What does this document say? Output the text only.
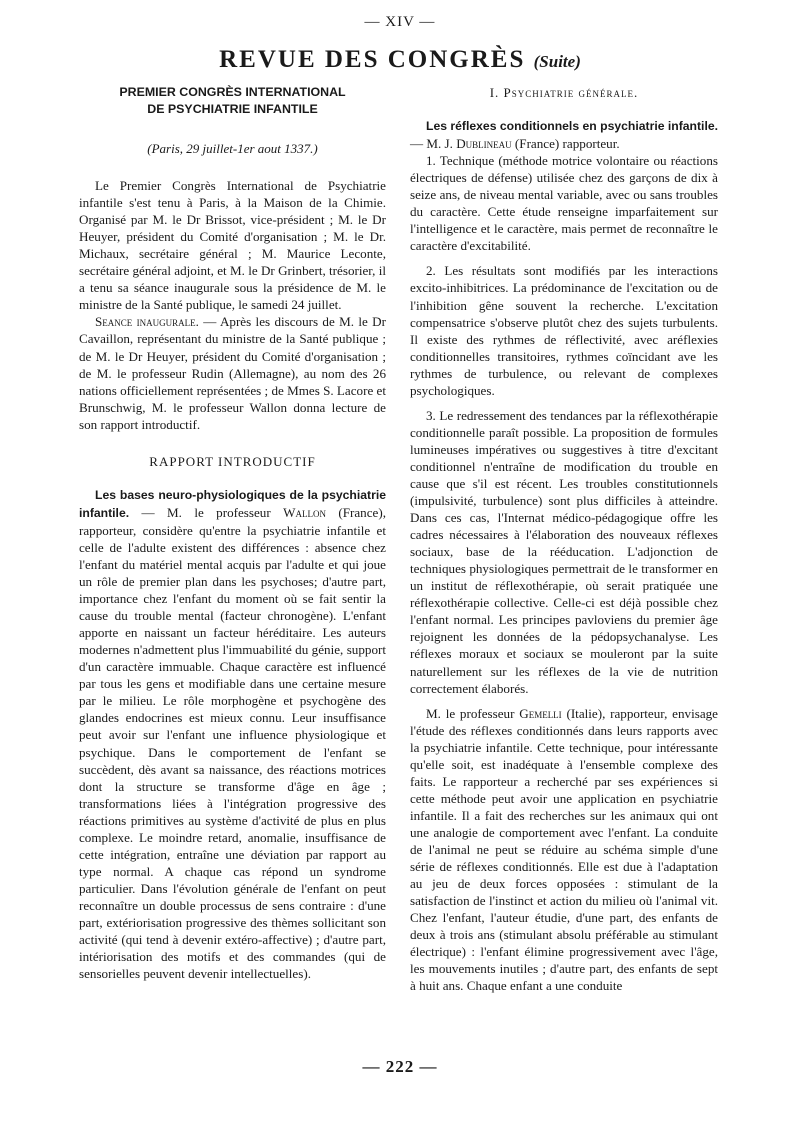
— XIV —
REVUE DES CONGRÈS (Suite)
PREMIER CONGRÈS INTERNATIONAL
DE PSYCHIATRIE INFANTILE
(Paris, 29 juillet-1er aout 1337.)

Le Premier Congrès International de Psychiatrie infantile s'est tenu à Paris, à la Maison de la Chimie. Organisé par M. le Dr Brissot, vice-président ; M. le Dr Heuyer, président du Comité d'organisation ; M. le Dr. Michaux, secrétaire général ; M. Maurice Leconte, secrétaire général adjoint, et M. le Dr Grinbert, trésorier, il a tenu sa séance inaugurale sous la présidence de M. le ministre de la Santé publique, le samedi 24 juillet.

Seance inaugurale. — Après les discours de M. le Dr Cavaillon, représentant du ministre de la Santé publique ; de M. le Dr Heuyer, président du Comité d'organisation ; de M. le professeur Rudin (Allemagne), au nom des 26 nations officiellement représentées ; de Mmes S. Lacore et Brunschwig, M. le professeur Wallon donna lecture de son rapport introductif.

RAPPORT INTRODUCTIF

Les bases neuro-physiologiques de la psychiatrie infantile. — M. le professeur Wallon (France), rapporteur, considère qu'entre la psychiatrie infantile et celle de l'adulte existent des différences : absence chez l'enfant du matériel mental acquis par l'adulte et qui joue un rôle de premier plan dans les psychoses; d'autre part, importance chez l'enfant du moment où se fait sentir la cause du trouble mental (facteur chronogène). L'enfant apporte en naissant un facteur héréditaire. Les auteurs modernes n'admettent plus l'immuabilité du génie, support d'un caractère immuable. Chaque caractère est influencé par tous les gens et modifiable dans une certaine mesure par le milieu. Le rôle morphogène et psychogène des glandes endocrines est mieux connu. Leur insuffisance peut avoir sur l'enfant une influence physiologique et psychique. Dans le comportement de l'enfant se succèdent, dès avant sa naissance, des réactions motrices dont la structure se transforme d'âge en âge ; transformations liées à l'intégration progressive des réactions primitives au système d'activité de plus en plus complexe. Le moindre retard, anomalie, insuffisance de cette intégration, entraîne une déviation par rapport au type normal. A chaque cas répond un syndrome particulier. Dans l'évolution générale de l'enfant on peut reconnaître un double processus de sens contraire : d'une part, extériorisation progressive des thèmes sollicitant son activité (qui tend à devenir extéro-affective) ; d'autre part, intériorisation des motifs et des commandes (qui de sensorielles peuvent devenir intellectuelles).

I. Psychiatrie générale.

Les réflexes conditionnels en psychiatrie infantile. — M. J. Dublineau (France) rapporteur.

1. Technique (méthode motrice volontaire ou réactions électriques de défense) utilisée chez des garçons de dix à seize ans, de niveau mental variable, avec ou sans troubles du caractère. Cette étude renseigne imparfaitement sur l'intelligence et le caractère, mais permet de reconnaître le caractère d'excitabilité.

2. Les résultats sont modifiés par les interactions excito-inhibitrices. La prédominance de l'excitation ou de l'inhibition gêne souvent la recherche. L'excitation compensatrice s'observe plutôt chez des sujets turbulents. Il existe des rythmes de réflectivité, avec aréflexies conditionnelles transitoires, rythmes coïncidant ave les rythmes de turbulence, ou relevant de complexes psychologiques.

3. Le redressement des tendances par la réflexothérapie conditionnelle paraît possible. La proposition de formules lumineuses impératives ou suggestives à titre d'excitant conditionnel n'entraîne de modification du trouble en cause que s'il est récent. Les troubles constitutionnels (impulsivité, turbulence) sont plus difficiles à atteindre. Dans ces cas, l'Internat médico-pédagogique offre les cadres nécessaires à l'élaboration des nouveaux réflexes sociaux, base de la rééducation. L'adjonction de techniques physiologiques permettrait de le transformer en un institut de réflexothérapie, où serait pratiquée une réflexothérapie collective. Celle-ci est déjà possible chez l'enfant normal. Les principes pavloviens du premier âge rejoignent les données de la pédopsychanalyse. Les réflexes moraux et sociaux se mouleront par la suite naturellement sur les réflexes de la vie de nutrition correctement élaborés.

M. le professeur Gemelli (Italie), rapporteur, envisage l'étude des réflexes conditionnés dans leurs rapports avec la psychiatrie infantile. Cette technique, pour intéressante qu'elle soit, est inadéquate à l'ensemble complexe des faits. Le rapporteur a recherché par ses expériences si cette méthode peut avoir une application en psychiatrie infantile. Il a fait des recherches sur les animaux qui ont une analogie de comportement avec l'enfant. La conduite de l'animal ne peut se réduire au schéma simple d'une série de réflexes conditionnés. Elle est due à l'adaptation au jeu de deux forces opposées : stimulant de la satisfaction de l'instinct et action du milieu où l'animal vit. Chez l'enfant, l'auteur étudie, d'une part, des enfants de deux à trois ans (stimulant absolu préférable au stimulant électrique) : l'enfant élimine progressivement avec l'âge, les mouvements inutiles ; d'autre part, des enfants de sept à huit ans. Chaque enfant a une conduite

— 222 —
